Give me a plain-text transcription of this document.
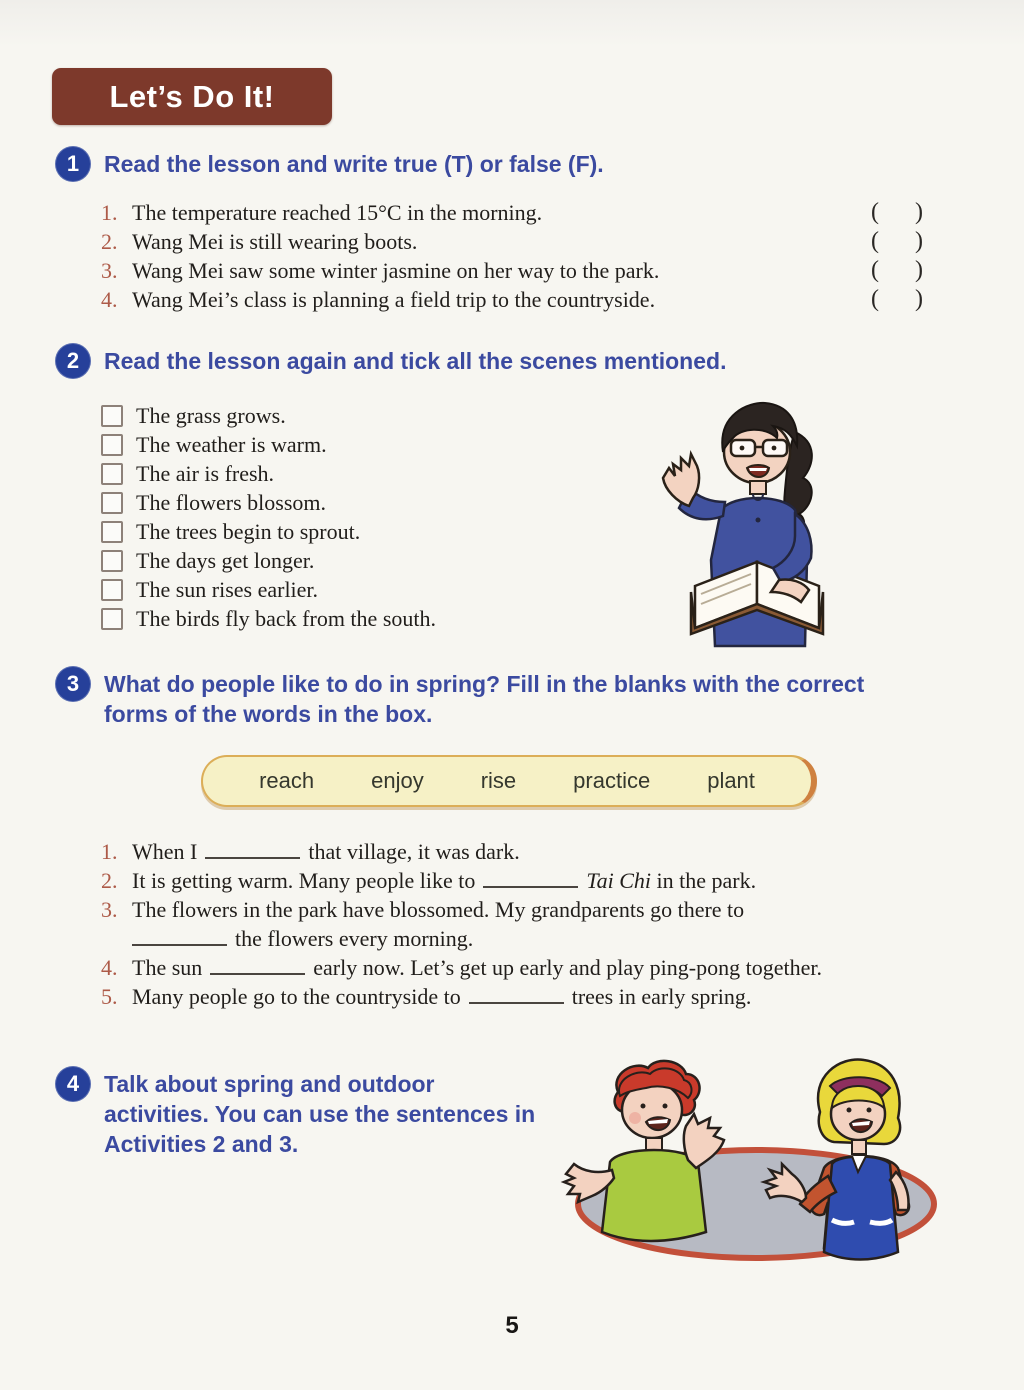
Let’s Do It!
1	Read the lesson and write true (T) or false (F).
1. The temperature reached 15°C in the morning.	(      )
2. Wang Mei is still wearing boots.	(      )
3. Wang Mei saw some winter jasmine on her way to the park.	(      )
4. Wang Mei’s class is planning a field trip to the countryside.	(      )
2	Read the lesson again and tick all the scenes mentioned.
The grass grows.
The weather is warm.
The air is fresh.
The flowers blossom.
The trees begin to sprout.
The days get longer.
The sun rises earlier.
The birds fly back from the south.
3	What do people like to do in spring? Fill in the blanks with the correct forms of the words in the box.
reach	enjoy	rise	practice	plant
1. When I	that village, it was dark.
2. It is getting warm. Many people like to	Tai Chi in the park.
3. The flowers in the park have blossomed. My grandparents go there to
the flowers every morning.
4. The sun	early now. Let’s get up early and play ping-pong together.
5. Many people go to the countryside to	trees in early spring.
4	Talk about spring and outdoor activities. You can use the sentences in Activities 2 and 3.
5
